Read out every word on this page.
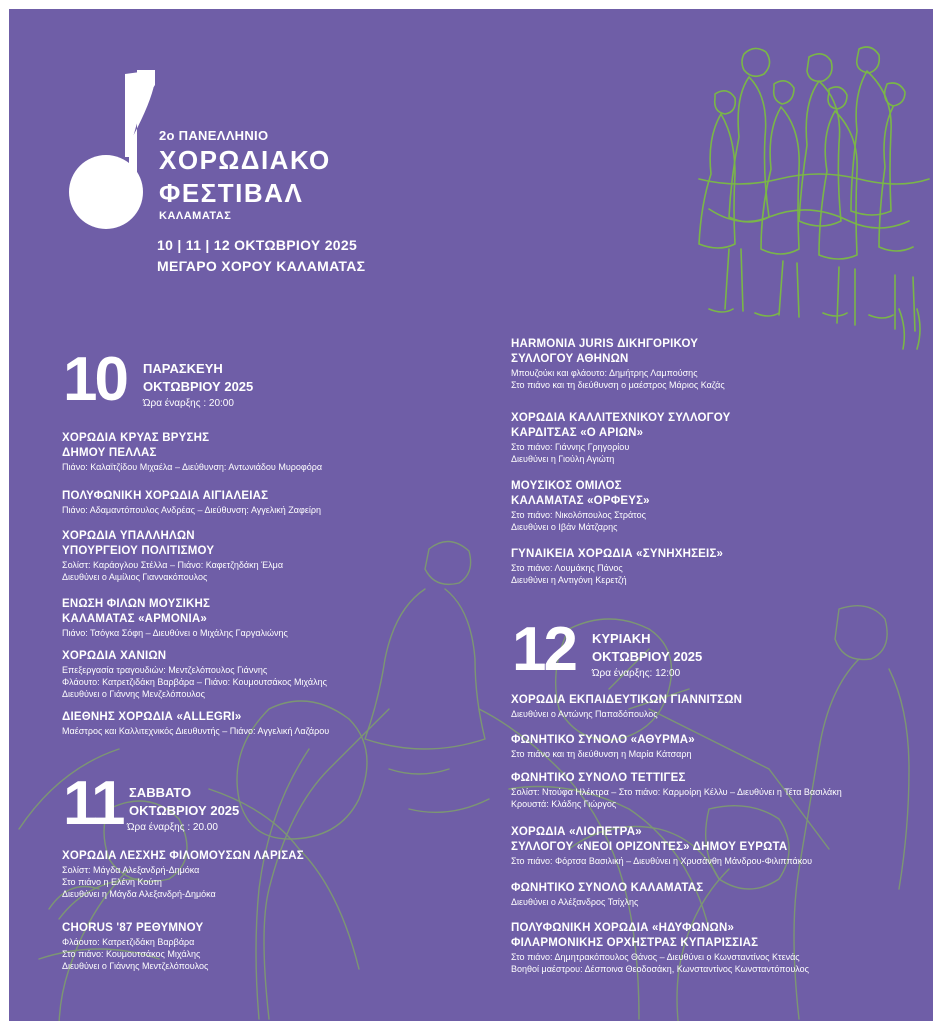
2ο ΠΑΝΕΛΛΗΝΙΟ
ΧΟΡΩΔΙΑΚΟ
ΦΕΣΤΙΒΑΛ
ΚΑΛΑΜΑΤΑΣ
10 | 11 | 12 ΟΚΤΩΒΡΙΟΥ 2025
ΜΕΓΑΡΟ ΧΟΡΟΥ ΚΑΛΑΜΑΤΑΣ
10 ΠΑΡΑΣΚΕΥΗ
ΟΚΤΩΒΡΙΟΥ 2025
Ώρα έναρξης : 20:00
ΧΟΡΩΔΙΑ ΚΡΥΑΣ ΒΡΥΣΗΣ
ΔΗΜΟΥ ΠΕΛΛΑΣ
Πιάνο: Καλαϊτζίδου Μιχαέλα – Διεύθυνση: Αντωνιάδου Μυροφόρα
ΠΟΛΥΦΩΝΙΚΗ ΧΟΡΩΔΙΑ ΑΙΓΙΑΛΕΙΑΣ
Πιάνο: Αδαμαντόπουλος Ανδρέας – Διεύθυνση: Αγγελική Ζαφείρη
ΧΟΡΩΔΙΑ ΥΠΑΛΛΗΛΩΝ
ΥΠΟΥΡΓΕΙΟΥ ΠΟΛΙΤΙΣΜΟΥ
Σολίστ: Καράογλου Στέλλα – Πιάνο: Καφετζηδάκη Έλμα
Διευθύνει ο Αιμίλιος Γιαννακόπουλος
ΕΝΩΣΗ ΦΙΛΩΝ ΜΟΥΣΙΚΗΣ
ΚΑΛΑΜΑΤΑΣ «ΑΡΜΟΝΙΑ»
Πιάνο: Τσόγκα Σόφη – Διευθύνει ο Μιχάλης Γαργαλιώνης
ΧΟΡΩΔΙΑ ΧΑΝΙΩΝ
Επεξεργασία τραγουδιών: Μεντζελόπουλος Γιάννης
Φλάουτο: Κατρετζιδάκη Βαρβάρα – Πιάνο: Κουμουτσάκος Μιχάλης
Διευθύνει ο Γιάννης Μενζελόπουλος
ΔΙΕΘΝΗΣ ΧΟΡΩΔΙΑ «ALLEGRI»
Μαέστρος και Καλλιτεχνικός Διευθυντής – Πιάνο: Αγγελική Λαζάρου
11 ΣΑΒΒΑΤΟ
ΟΚΤΩΒΡΙΟΥ 2025
Ώρα έναρξης : 20.00
ΧΟΡΩΔΙΑ ΛΕΣΧΗΣ ΦΙΛΟΜΟΥΣΩΝ ΛΑΡΙΣΑΣ
Σολίστ: Μάγδα Αλεξανδρή-Δημόκα
Στο πιάνο η Ελένη Κούτη
Διευθύνει η Μάγδα Αλεξανδρή-Δημόκα
CHORUS '87 ΡΕΘΥΜΝΟΥ
Φλάουτο: Κατρετζιδάκη Βαρβάρα
Στο πιάνο: Κουμουτσάκος Μιχάλης
Διευθύνει ο Γιάννης Μεντζελόπουλος
HARMONIA JURIS ΔΙΚΗΓΟΡΙΚΟΥ
ΣΥΛΛΟΓΟΥ ΑΘΗΝΩΝ
Μπουζούκι και φλάουτο: Δημήτρης Λαμπούσης
Στο πιάνο και τη διεύθυνση ο μαέστρος Μάριος Καζάς
ΧΟΡΩΔΙΑ ΚΑΛΛΙΤΕΧΝΙΚΟΥ ΣΥΛΛΟΓΟΥ
ΚΑΡΔΙΤΣΑΣ «Ο ΑΡΙΩΝ»
Στο πιάνο: Γιάννης Γρηγορίου
Διευθύνει η Γιούλη Αγιώτη
ΜΟΥΣΙΚΟΣ ΟΜΙΛΟΣ
ΚΑΛΑΜΑΤΑΣ «ΟΡΦΕΥΣ»
Στο πιάνο: Νικολόπουλος Στράτος
Διευθύνει ο Ιβάν Μάτζαρης
ΓΥΝΑΙΚΕΙΑ ΧΟΡΩΔΙΑ «ΣΥΝΗΧΗΣΕΙΣ»
Στο πιάνο: Λουμάκης Πάνος
Διευθύνει η Αντιγόνη Κερετζή
12 ΚΥΡΙΑΚΗ
ΟΚΤΩΒΡΙΟΥ 2025
Ώρα έναρξης: 12:00
ΧΟΡΩΔΙΑ ΕΚΠΑΙΔΕΥΤΙΚΩΝ ΓΙΑΝΝΙΤΣΩΝ
Διευθύνει ο Αντώνης Παπαδόπουλος
ΦΩΝΗΤΙΚΟ ΣΥΝΟΛΟ «ΑΘΥΡΜΑ»
Στο πιάνο και τη διεύθυνση η Μαρία Κάτσαρη
ΦΩΝΗΤΙΚΟ ΣΥΝΟΛΟ ΤΕΤΤΙΓΕΣ
Σολίστ: Ντούφα Ηλέκτρα – Στο πιάνο: Καρμοίρη Κέλλυ – Διευθύνει η Τέτα Βασιλάκη
Κρουστά: Κλάδης Γιώργος
ΧΟΡΩΔΙΑ «ΛΙΟΠΕΤΡΑ»
ΣΥΛΛΟΓΟΥ «ΝΕΟΙ ΟΡΙΖΟΝΤΕΣ» ΔΗΜΟΥ ΕΥΡΩΤΑ
Στο πιάνο: Φόρτσα Βασιλική – Διευθύνει η Χρυσάνθη Μάνδρου-Φιλιππάκου
ΦΩΝΗΤΙΚΟ ΣΥΝΟΛΟ ΚΑΛΑΜΑΤΑΣ
Διευθύνει ο Αλέξανδρος Τσίχλης
ΠΟΛΥΦΩΝΙΚΗ ΧΟΡΩΔΙΑ «ΗΔΥΦΩΝΩΝ»
ΦΙΛΑΡΜΟΝΙΚΗΣ ΟΡΧΗΣΤΡΑΣ ΚΥΠΑΡΙΣΣΙΑΣ
Στο πιάνο: Δημητρακόπουλος Θάνος – Διευθύνει ο Κωνσταντίνος Κτενάς
Βοηθοί μαέστρου: Δέσποινα Θεοδοσάκη, Κωνσταντίνος Κωνσταντόπουλος
